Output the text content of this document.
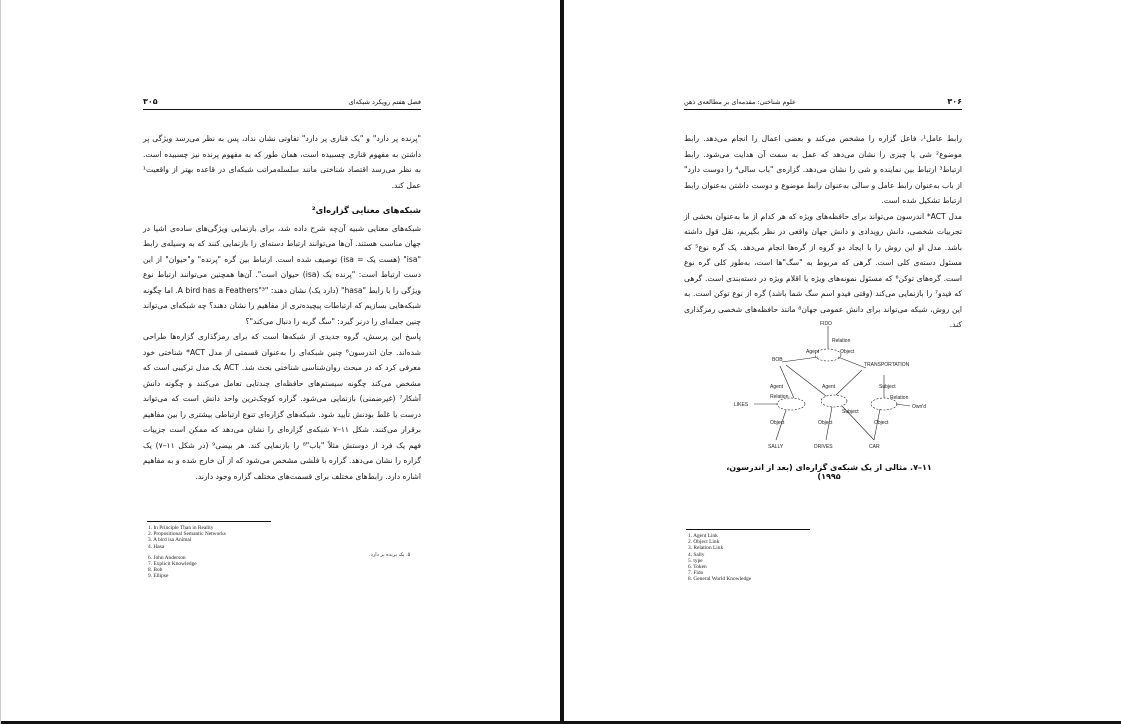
۳۰۵	فصل هفتم رویکرد شبکه‌ای

"پرنده پر دارد" و "یک قناری پر دارد" تفاوتی نشان نداد، پس به نظر می‌رسد ویژگی پر داشتن به مفهوم قناری چسبیده است، همان طور که به مفهوم پرنده نیز چسبیده است. به نظر می‌رسد اقتصاد شناختی مانند سلسله‌مراتب شبکه‌ای در قاعده بهتر از واقعیت¹ عمل کند.

شبکه‌های معنایی گزاره‌ای²

شبکه‌های معنایی شبیه آن‌چه شرح داده شد، برای بازنمایی ویژگی‌های ساده‌ی اشیا در جهان مناسب هستند. آن‌ها می‌توانند ارتباط دسته‌ای را بازنمایی کنند که به وسیله‌ی رابط "isa" (هست یک = isa) توصیف شده است. ارتباط بین گره "پرنده" و"حیوان" از این دست ارتباط است: "پرنده یک (isa) حیوان است". آن‌ها همچنین می‌توانند ارتباط نوع ویژگی را با رابط "hasa" (دارد یک) نشان دهند: "A bird has a Feathers"³. اما چگونه شبکه‌هایی بسازیم که ارتباطات پیچیده‌تری از مفاهیم را نشان دهند؟ چه شبکه‌ای می‌تواند چنین جمله‌ای را درنر گیرد: "سگ گربه را دنبال می‌کند"؟

پاسخ این پرسش، گروه جدیدی از شبکه‌ها است که برای رمزگذاری گزاره‌ها طراحی شده‌اند. جان اندرسون⁶ چنین شبکه‌ای را به‌عنوان قسمتی از مدل ACT* شناختی خود معرفی کرد که در مبحث روان‌شناسی شناختی بحث شد. ACT یک مدل ترکیبی است که مشخص می‌کند چگونه سیستم‌های حافظه‌ای چندتایی تعامل می‌کنند و چگونه دانش آشکار⁷ (غیرضمنی) بازنمایی می‌شود. گزاره کوچک‌ترین واحد دانش است که می‌تواند درست یا غلط بودنش تأیید شود. شبکه‌های گزاره‌ای تنوع ارتباطی بیشتری را بین مفاهیم برقرار می‌کنند. شکل ۱۱–۷ شبکه‌ی گزاره‌ای را نشان می‌دهد که ممکن است جزییات فهم یک فرد از دوستش مثلاً "باب"⁸ را بازنمایی کند. هر بیضی⁹ (در شکل ۱۱–۷) یک گزاره را نشان می‌دهد. گزاره با فلشی مشخص می‌شود که از آن خارج شده و به مفاهیم اشاره دارد. رابط‌های مختلف برای قسمت‌های مختلف گزاره وجود دارند.

1. In Principle Than in Reality
2. Propositional Semantic Networks
3. A bird isa Animal
4. Hasa
6. John Anderson
7. Explicit Knowledge
8. Bob
9. Ellipse
۵. یک پرنده پر دارد.
علوم شناختی: مقدمه‌ای بر مطالعه‌ی ذهن	۳۰۶

رابط عامل¹، فاعل گزاره را مشخص می‌کند و بعضی اعمال را انجام می‌دهد. رابط موضوع² شی یا چیزی را نشان می‌دهد که عمل به سمت آن هدایت می‌شود. رابط ارتباط³ ارتباط بین نماینده و شی را نشان می‌دهد. گزاره‌ی "باب سالی⁴ را دوست دارد" از باب به‌عنوان رابط عامل و سالی به‌عنوان رابط موضوع و دوست داشتن به‌عنوان رابط ارتباط تشکیل شده است.

مدل ACT* اندرسون می‌تواند برای حافظه‌های ویژه که هر کدام از ما به‌عنوان بخشی از تجربیات شخصی، دانش رویدادی و دانش جهان واقعی در نظر بگیریم، نقل قول داشته باشد. مدل او این روش را با ایجاد دو گروه از گره‌ها انجام می‌دهد. یک گره نوع⁵ که مسئول دسته‌ی کلی است. گرهی که مربوط به "سگ"ها است، به‌طور کلی گره نوع است. گره‌های توکن⁶ که مسئول نمونه‌های ویژه یا اقلام ویژه در دسته‌بندی است. گرهی که فیدو⁷ را بازنمایی می‌کند (وقتی فیدو اسم سگ شما باشد) گره از نوع توکن است. به این روش، شبکه می‌تواند برای دانش عمومی جهان⁸ مانند حافظه‌های شخصی رمزگذاری کند.

FIDO
Relation
Agent	Object
BOB
TRANSPORTATION
Agent
Agent
Relation
LIKES
Subject
Relation
Own'd
Subject
Object	Object	Object
SALLY	DRIVES	CAR
۱۱–۷. مثالی از یک شبکه‌ی گزاره‌ای (بعد از اندرسون، ۱۹۹۵)
1. Agent Link
2. Object Link
3. Relation Link
4. Sally
5. type
6. Token
7. Fido
8. General World Knowledge
